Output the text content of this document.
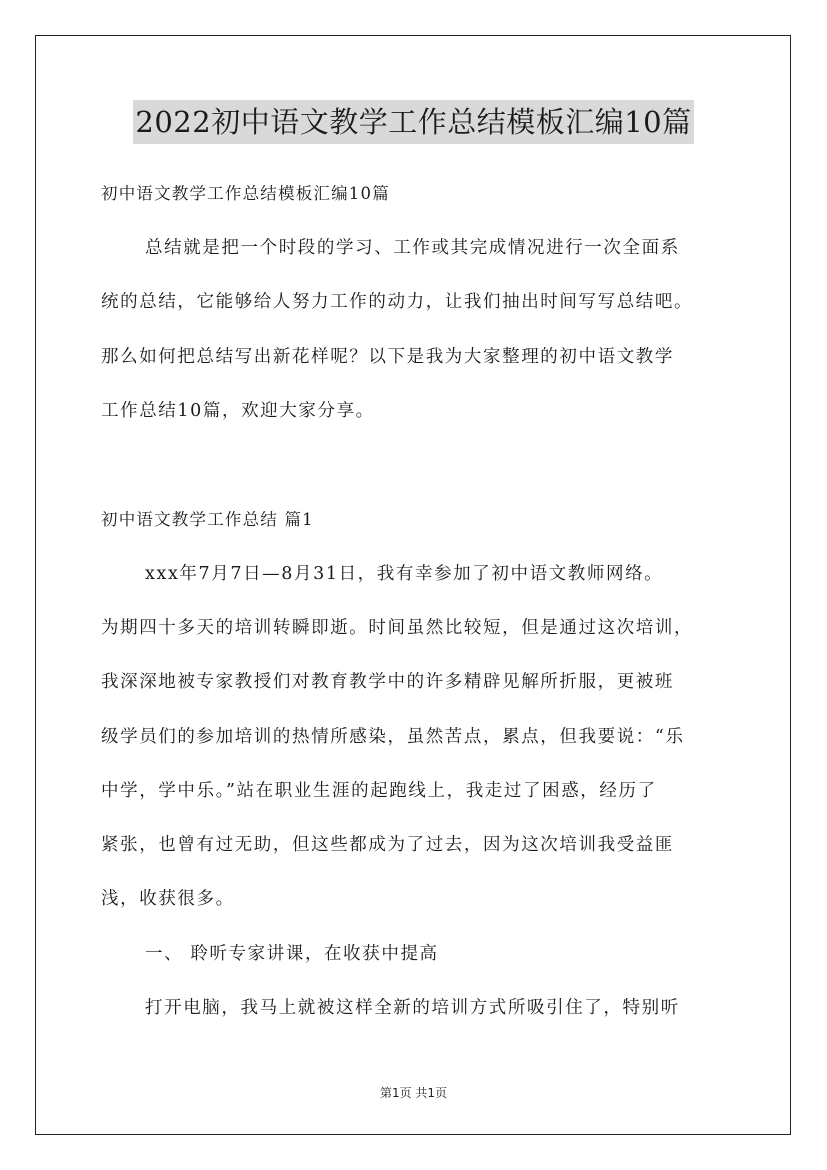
2022初中语文教学工作总结模板汇编10篇
初中语文教学工作总结模板汇编10篇
总结就是把一个时段的学习、工作或其完成情况进行一次全面系
统的总结，它能够给人努力工作的动力，让我们抽出时间写写总结吧。
那么如何把总结写出新花样呢？以下是我为大家整理的初中语文教学
工作总结10篇，欢迎大家分享。
初中语文教学工作总结 篇1
xxx年7月7日—8月31日，我有幸参加了初中语文教师网络。
为期四十多天的培训转瞬即逝。时间虽然比较短，但是通过这次培训，
我深深地被专家教授们对教育教学中的许多精辟见解所折服，更被班
级学员们的参加培训的热情所感染，虽然苦点，累点，但我要说：“乐
中学，学中乐。”站在职业生涯的起跑线上，我走过了困惑，经历了
紧张，也曾有过无助，但这些都成为了过去，因为这次培训我受益匪
浅，收获很多。
一、 聆听专家讲课，在收获中提高
打开电脑，我马上就被这样全新的培训方式所吸引住了，特别听
第1页 共1页
